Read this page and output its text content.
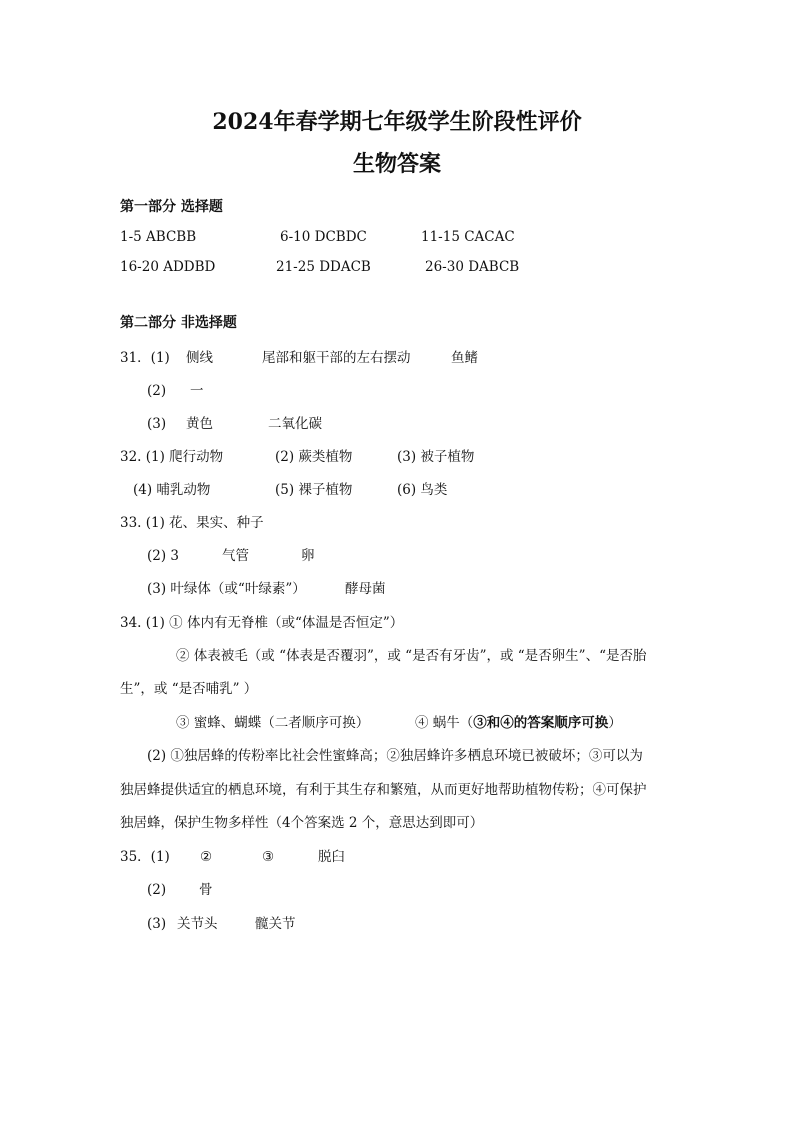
2024年春学期七年级学生阶段性评价
生物答案
第一部分 选择题
1-5 ABCBB	6-10 DCBDC	11-15 CACAC
16-20 ADDBD	21-25 DDACB	26-30 DABCB
第二部分 非选择题
31．(1) 侧线	尾部和躯干部的左右摆动	鱼鳍
(2) 一
(3) 黄色	二氧化碳
32. (1) 爬行动物	(2) 蕨类植物	(3) 被子植物
(4) 哺乳动物	(5) 裸子植物	(6) 鸟类
33. (1) 花、果实、种子
(2) 3	气管	卵
(3) 叶绿体（或“叶绿素”）	酵母菌
34. (1) ① 体内有无脊椎（或“体温是否恒定”）
② 体表被毛（或 “体表是否覆羽”，或 “是否有牙齿”，或 “是否卵生”、“是否胎
生”，或 “是否哺乳” ）
③ 蜜蜂、蝴蝶（二者顺序可换）	④ 蜗牛（③和④的答案顺序可换）
(2) ①独居蜂的传粉率比社会性蜜蜂高；②独居蜂许多栖息环境已被破坏；③可以为
独居蜂提供适宜的栖息环境，有利于其生存和繁殖，从而更好地帮助植物传粉；④可保护
独居蜂，保护生物多样性（4个答案选 2 个，意思达到即可）
35．(1) ②	③	脱臼
(2) 骨
(3) 关节头	髋关节
